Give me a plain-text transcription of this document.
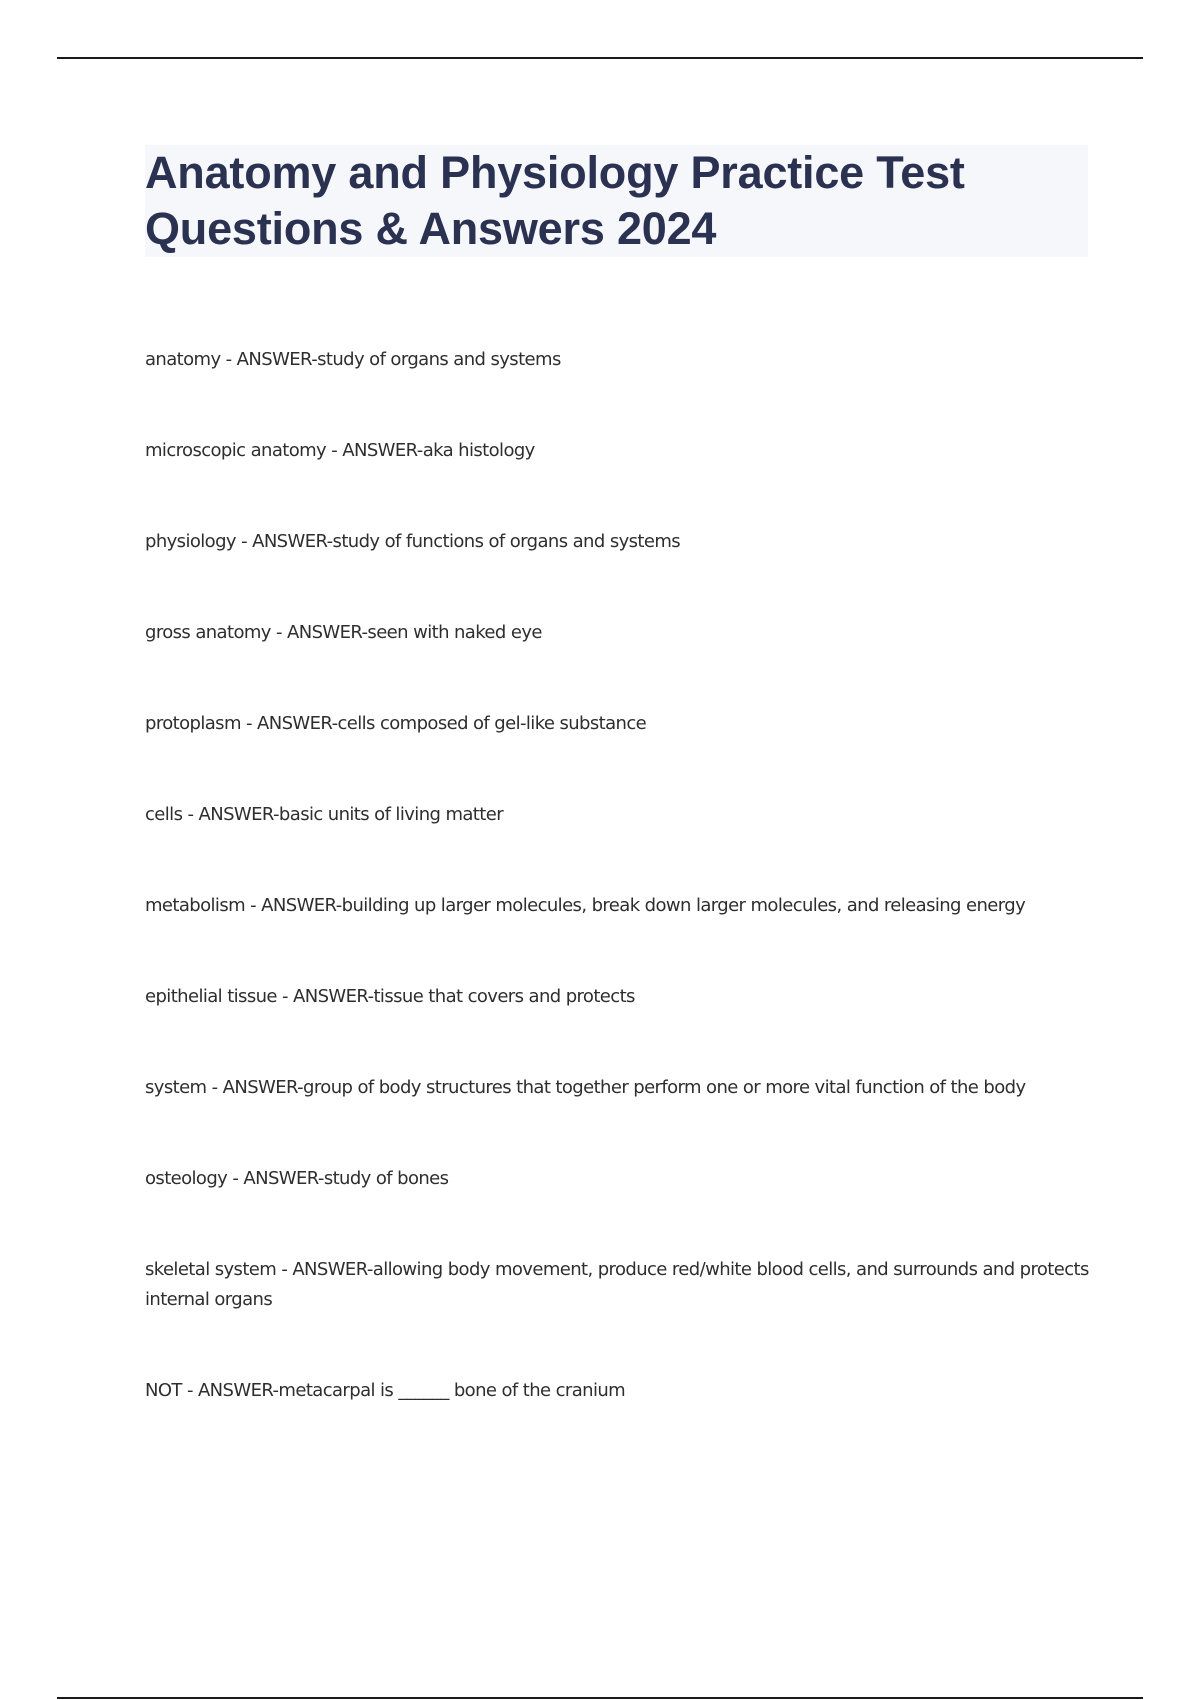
Anatomy and Physiology Practice Test Questions & Answers 2024
anatomy - ANSWER-study of organs and systems
microscopic anatomy - ANSWER-aka histology
physiology - ANSWER-study of functions of organs and systems
gross anatomy - ANSWER-seen with naked eye
protoplasm - ANSWER-cells composed of gel-like substance
cells - ANSWER-basic units of living matter
metabolism - ANSWER-building up larger molecules, break down larger molecules, and releasing energy
epithelial tissue - ANSWER-tissue that covers and protects
system - ANSWER-group of body structures that together perform one or more vital function of the body
osteology - ANSWER-study of bones
skeletal system - ANSWER-allowing body movement, produce red/white blood cells, and surrounds and protects internal organs
NOT - ANSWER-metacarpal is ______ bone of the cranium
